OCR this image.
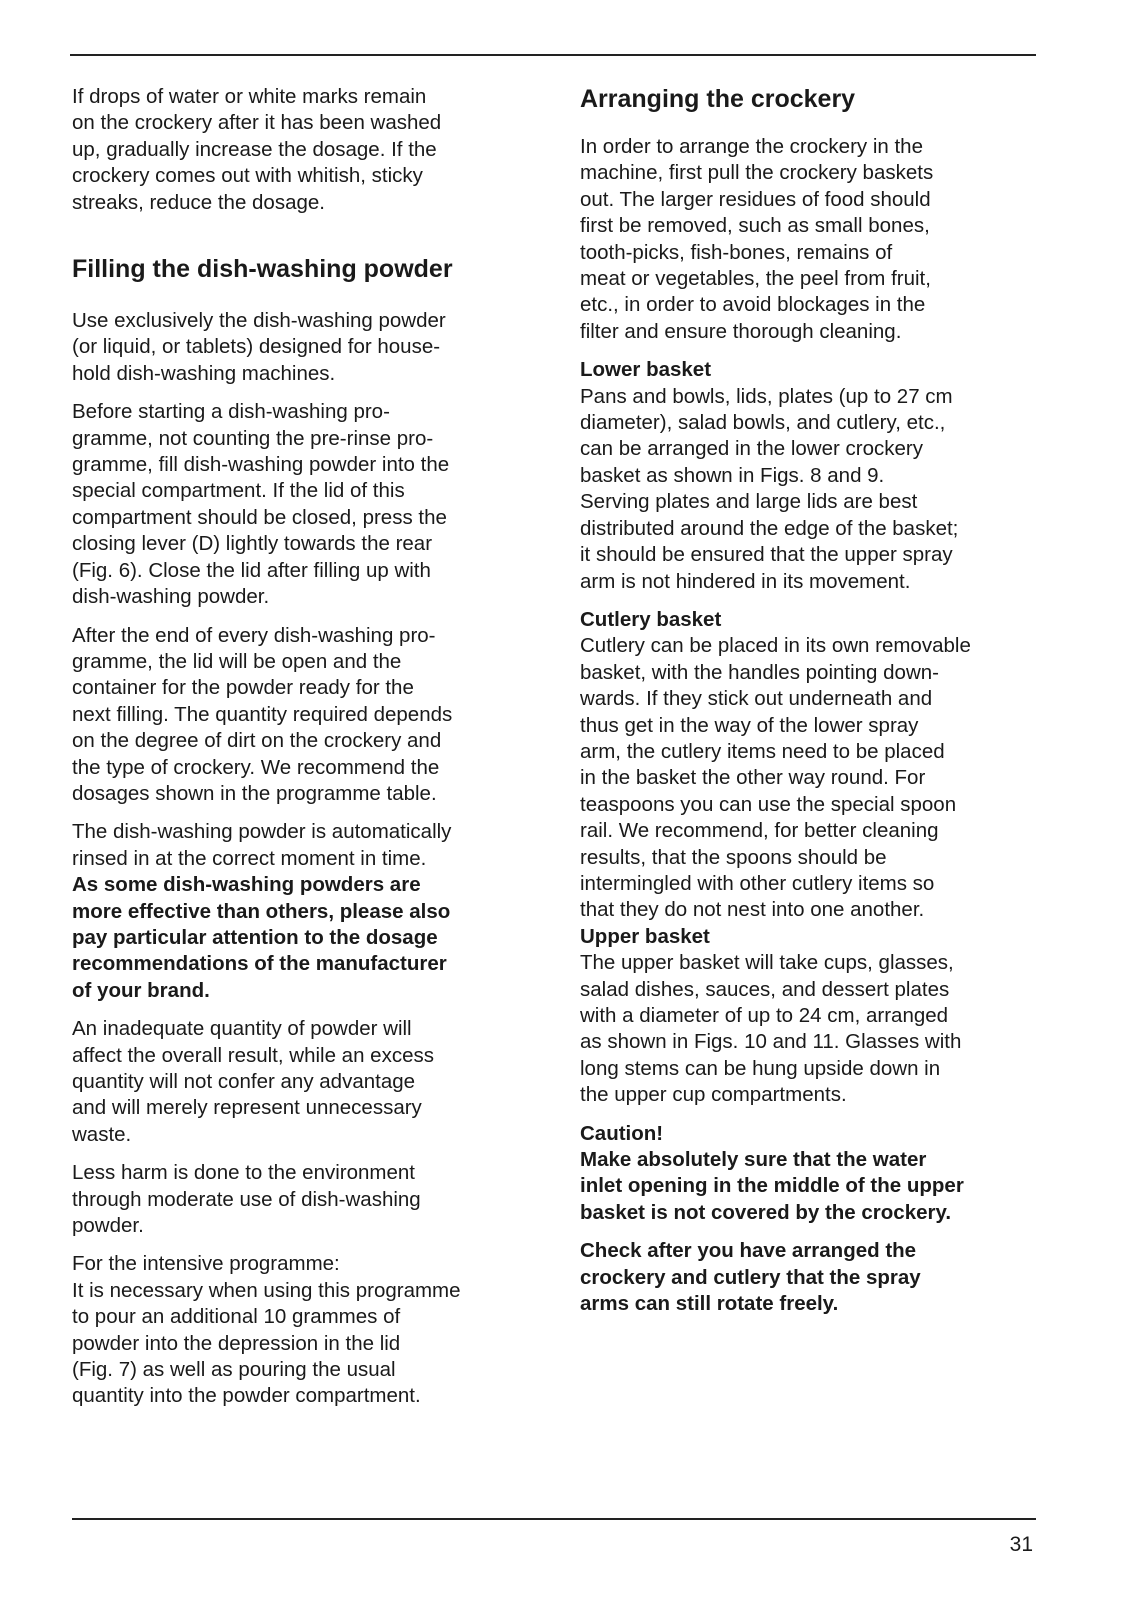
If drops of water or white marks remain
on the crockery after it has been washed
up, gradually increase the dosage. If the
crockery comes out with whitish, sticky
streaks, reduce the dosage.

Filling the dish-washing powder

Use exclusively the dish-washing powder
(or liquid, or tablets) designed for house-
hold dish-washing machines.

Before starting a dish-washing pro-
gramme, not counting the pre-rinse pro-
gramme, fill dish-washing powder into the
special compartment. If the lid of this
compartment should be closed, press the
closing lever (D) lightly towards the rear
(Fig. 6). Close the lid after filling up with
dish-washing powder.

After the end of every dish-washing pro-
gramme, the lid will be open and the
container for the powder ready for the
next filling. The quantity required depends
on the degree of dirt on the crockery and
the type of crockery. We recommend the
dosages shown in the programme table.

The dish-washing powder is automatically
rinsed in at the correct moment in time.

As some dish-washing powders are
more effective than others, please also
pay particular attention to the dosage
recommendations of the manufacturer
of your brand.

An inadequate quantity of powder will
affect the overall result, while an excess
quantity will not confer any advantage
and will merely represent unnecessary
waste.

Less harm is done to the environment
through moderate use of dish-washing
powder.

For the intensive programme:
It is necessary when using this programme
to pour an additional 10 grammes of
powder into the depression in the lid
(Fig. 7) as well as pouring the usual
quantity into the powder compartment.

Arranging the crockery

In order to arrange the crockery in the
machine, first pull the crockery baskets
out. The larger residues of food should
first be removed, such as small bones,
tooth-picks, fish-bones, remains of
meat or vegetables, the peel from fruit,
etc., in order to avoid blockages in the
filter and ensure thorough cleaning.

Lower basket

Pans and bowls, lids, plates (up to 27 cm
diameter), salad bowls, and cutlery, etc.,
can be arranged in the lower crockery
basket as shown in Figs. 8 and 9.
Serving plates and large lids are best
distributed around the edge of the basket;
it should be ensured that the upper spray
arm is not hindered in its movement.

Cutlery basket

Cutlery can be placed in its own removable
basket, with the handles pointing down-
wards. If they stick out underneath and
thus get in the way of the lower spray
arm, the cutlery items need to be placed
in the basket the other way round. For
teaspoons you can use the special spoon
rail. We recommend, for better cleaning
results, that the spoons should be
intermingled with other cutlery items so
that they do not nest into one another.

Upper basket

The upper basket will take cups, glasses,
salad dishes, sauces, and dessert plates
with a diameter of up to 24 cm, arranged
as shown in Figs. 10 and 11. Glasses with
long stems can be hung upside down in
the upper cup compartments.

Caution!

Make absolutely sure that the water
inlet opening in the middle of the upper
basket is not covered by the crockery.

Check after you have arranged the
crockery and cutlery that the spray
arms can still rotate freely.

31
